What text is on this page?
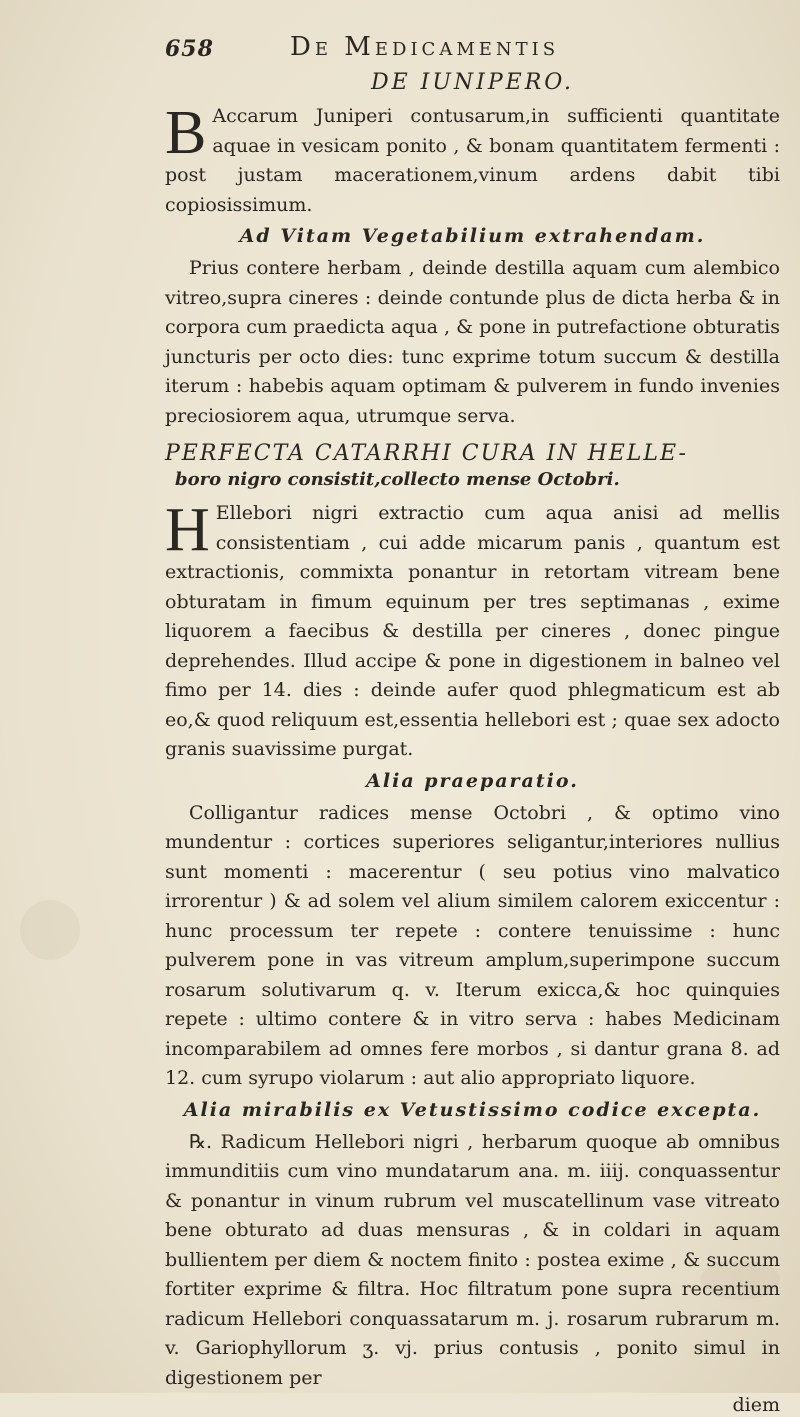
658	De Medicamentis

DE IUNIPERO.

B Accarum Juniperi contusarum,in sufficienti quantitate aquae in vesicam ponito , & bonam quantitatem fermenti : post justam macerationem,vinum ardens dabit tibi copiosissimum.

Ad Vitam Vegetabilium extrahendam.

Prius contere herbam , deinde destilla aquam cum alembico vitreo,supra cineres : deinde contunde plus de dicta herba & in corpora cum praedicta aqua , & pone in putrefactione obturatis juncturis per octo dies: tunc exprime totum succum & destilla iterum : habebis aquam optimam & pulverem in fundo invenies preciosiorem aqua, utrumque serva.

PERFECTA CATARRHI CURA IN HELLE-

boro nigro consistit,collecto mense Octobri.

H Ellebori nigri extractio cum aqua anisi ad mellis consistentiam , cui adde micarum panis , quantum est extractionis, commixta ponantur in retortam vitream bene obturatam in fimum equinum per tres septimanas , exime liquorem a faecibus & destilla per cineres , donec pingue deprehendes. Illud accipe & pone in digestionem in balneo vel fimo per 14. dies : deinde aufer quod phlegmaticum est ab eo,& quod reliquum est,essentia hellebori est ; quae sex adocto granis suavissime purgat.

Alia praeparatio.

Colligantur radices mense Octobri , & optimo vino mundentur : cortices superiores seligantur,interiores nullius sunt momenti : macerentur ( seu potius vino malvatico irrorentur ) & ad solem vel alium similem calorem exiccentur : hunc processum ter repete : contere tenuissime : hunc pulverem pone in vas vitreum amplum,superimpone succum rosarum solutivarum q. v. Iterum exicca,& hoc quinquies repete : ultimo contere & in vitro serva : habes Medicinam incomparabilem ad omnes fere morbos , si dantur grana 8. ad 12. cum syrupo violarum : aut alio appropriato liquore.

Alia mirabilis ex Vetustissimo codice excepta.

℞. Radicum Hellebori nigri , herbarum quoque ab omnibus immunditiis cum vino mundatarum ana. m. iiij. conquassentur & ponantur in vinum rubrum vel muscatellinum vase vitreato bene obturato ad duas mensuras , & in coldari in aquam bullientem per diem & noctem finito : postea exime , & succum fortiter exprime & filtra. Hoc filtratum pone supra recentium radicum Hellebori conquassatarum m. j. rosarum rubrarum m. v. Gariophyllorum ʒ. vj. prius contusis , ponito simul in digestionem per

diem
